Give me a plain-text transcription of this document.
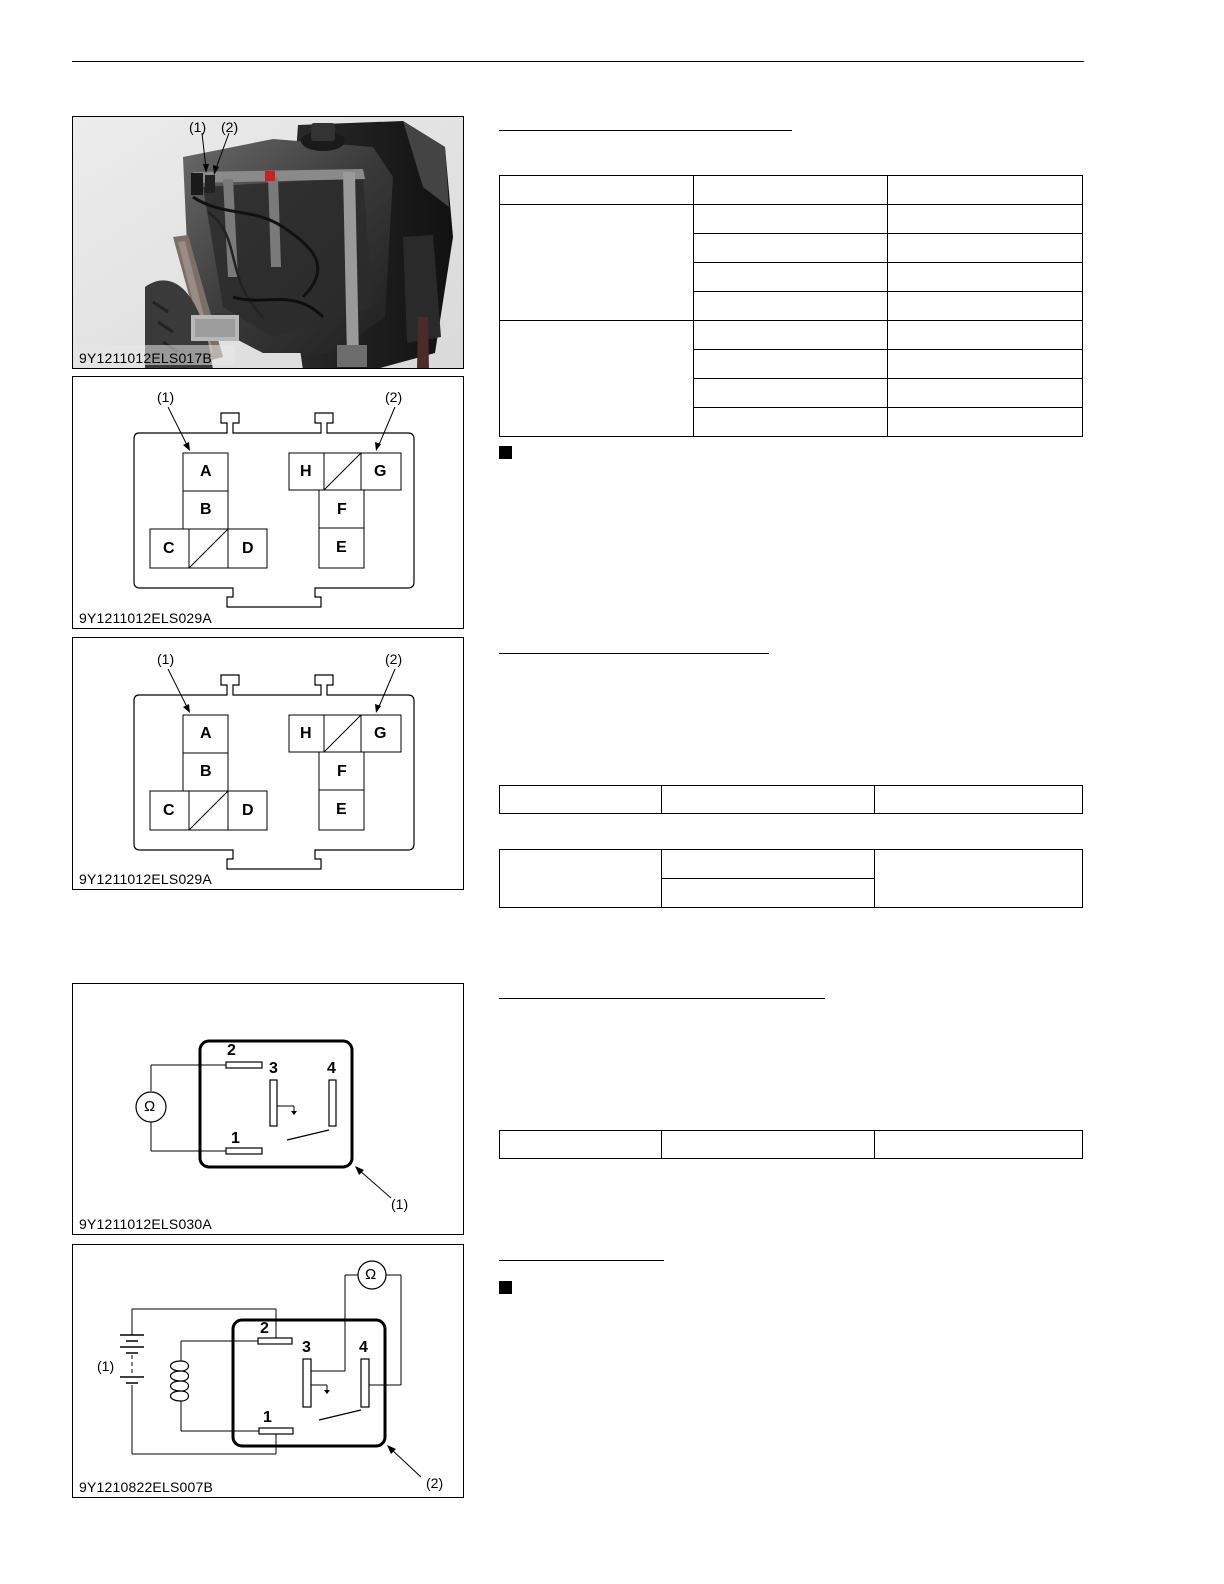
(1) (2)
9Y1211012ELS017B
(1)	(2)
A
B
C	D	E
F
G
H
9Y1211012ELS029A
(1)	(2)
A
B
C	D	E
F
G
H
9Y1211012ELS029A
2
3	4
1
Ω
(1)
9Y1211012ELS030A
2
3	4
1
Ω
(1)
(2)
9Y1210822ELS007B
